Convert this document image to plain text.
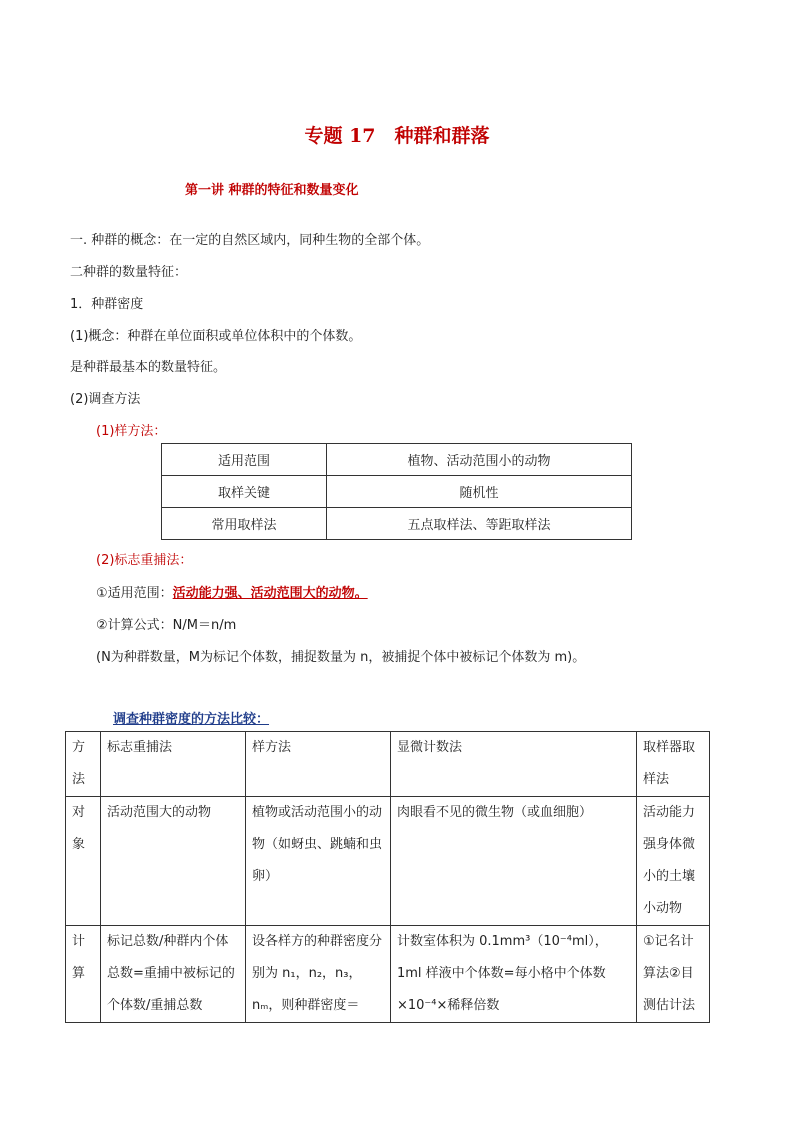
专题 17　种群和群落
第一讲 种群的特征和数量变化
一. 种群的概念：在一定的自然区域内，同种生物的全部个体。
二种群的数量特征：
1．种群密度
(1)概念：种群在单位面积或单位体积中的个体数。
是种群最基本的数量特征。
(2)调查方法
(1)样方法：
适用范围	植物、活动范围小的动物
取样关键	随机性
常用取样法	五点取样法、等距取样法
(2)标志重捕法：
①适用范围：活动能力强、活动范围大的动物。
②计算公式：N/M＝n/m
(N为种群数量，M为标记个体数，捕捉数量为 n，被捕捉个体中被标记个体数为 m)。
调查种群密度的方法比较：
方法	标志重捕法	样方法	显微计数法	取样器取样法
对象	活动范围大的动物	植物或活动范围小的动物（如蚜虫、跳蝻和虫卵）	肉眼看不见的微生物（或血细胞）	活动能力强身体微小的土壤小动物
计算	标记总数/种群内个体总数=重捕中被标记的个体数/重捕总数	设各样方的种群密度分别为 n₁，n₂，n₃，nₘ，则种群密度＝	计数室体积为 0.1mm³（10⁻⁴ml），1ml 样液中个体数=每小格中个体数×10⁻⁴×稀释倍数	①记名计算法②目测估计法
